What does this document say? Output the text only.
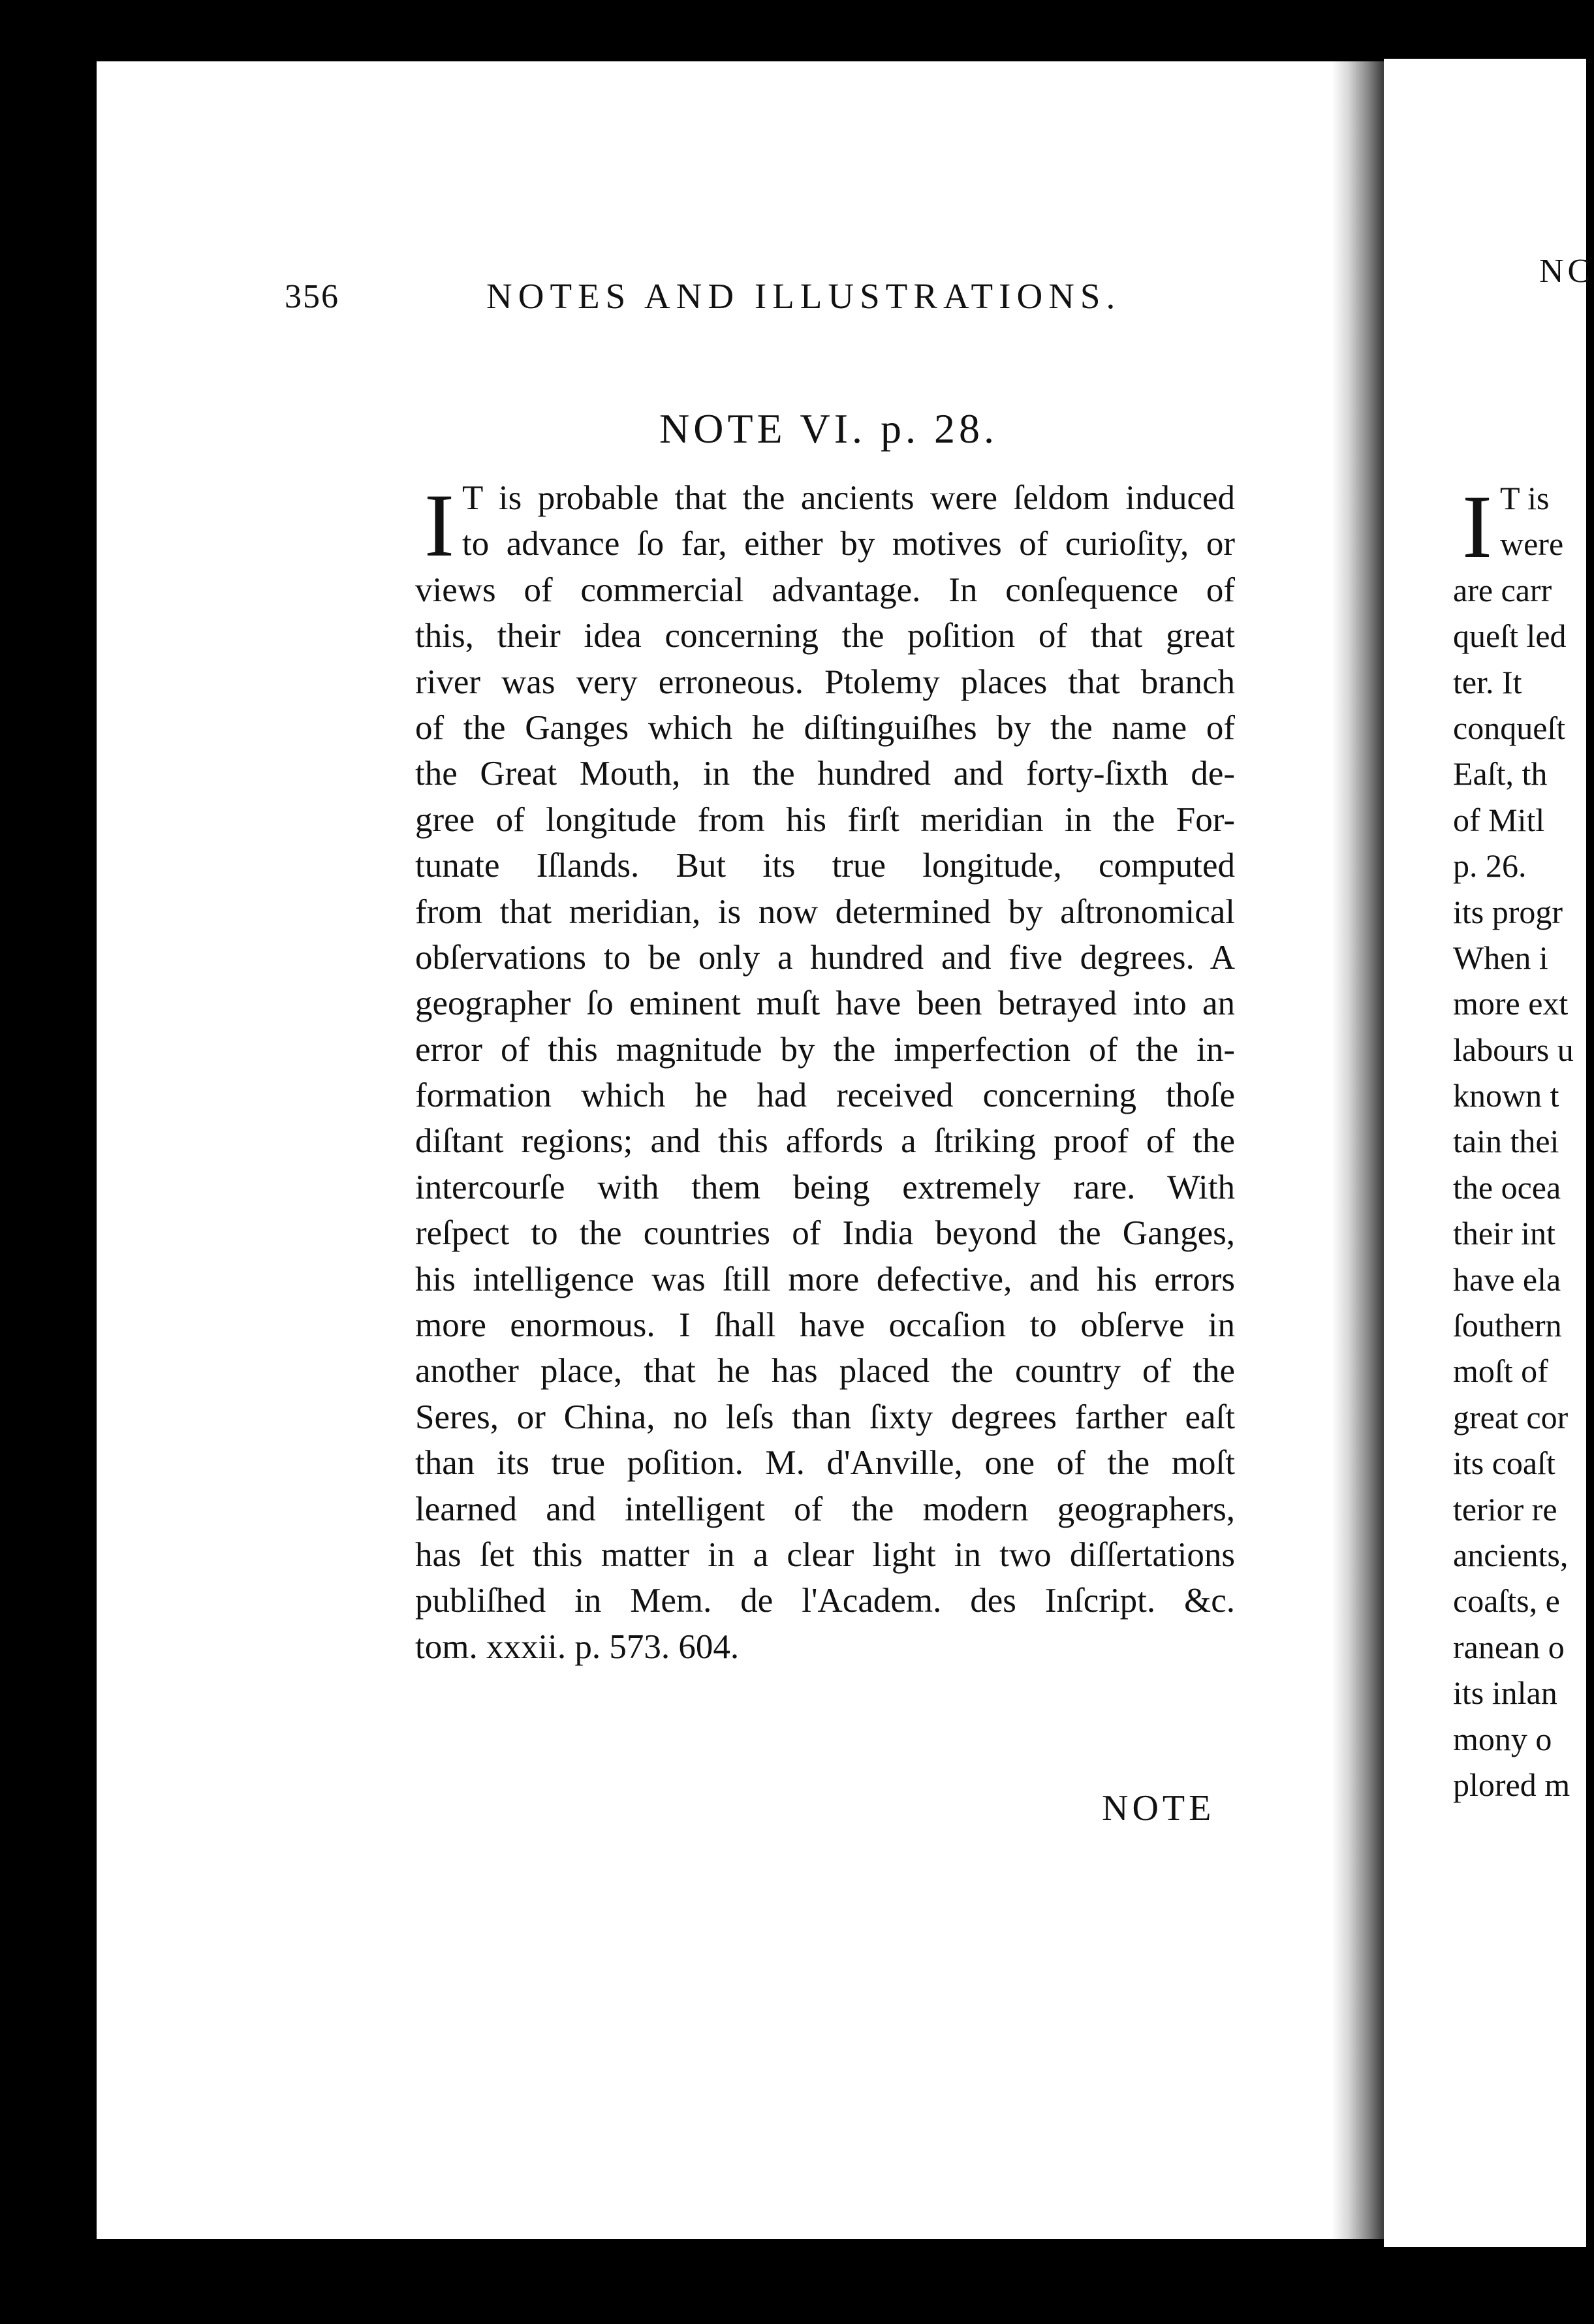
356	NOTES AND ILLUSTRATIONS.
NOTE VI. p. 28.
I T is probable that the ancients were ſeldom induced
to advance ſo far, either by motives of curioſity, or
views of commercial advantage. In conſequence of
this, their idea concerning the poſition of that great
river was very erroneous. Ptolemy places that branch
of the Ganges which he diſtinguiſhes by the name of
the Great Mouth, in the hundred and forty-ſixth de-
gree of longitude from his firſt meridian in the For-
tunate Iſlands. But its true longitude, computed
from that meridian, is now determined by aſtronomical
obſervations to be only a hundred and five degrees. A
geographer ſo eminent muſt have been betrayed into an
error of this magnitude by the imperfection of the in-
formation which he had received concerning thoſe
diſtant regions; and this affords a ſtriking proof of the
intercourſe with them being extremely rare. With
reſpect to the countries of India beyond the Ganges,
his intelligence was ſtill more defective, and his errors
more enormous. I ſhall have occaſion to obſerve in
another place, that he has placed the country of the
Seres, or China, no leſs than ſixty degrees farther eaſt
than its true poſition. M. d'Anville, one of the moſt
learned and intelligent of the modern geographers,
has ſet this matter in a clear light in two diſſertations
publiſhed in Mem. de l'Academ. des Inſcript. &c.
tom. xxxii. p. 573. 604.
NOTE
NC
I T is
were
are carr
queſt led
ter. It
conqueſt
Eaſt, th
of Mitl
p. 26.
its progr
When i
more ext
labours u
known t
tain thei
the ocea
their int
have ela
ſouthern
moſt of
great cor
its coaſt
terior re
ancients,
coaſts, e
ranean o
its inlan
mony o
plored m
